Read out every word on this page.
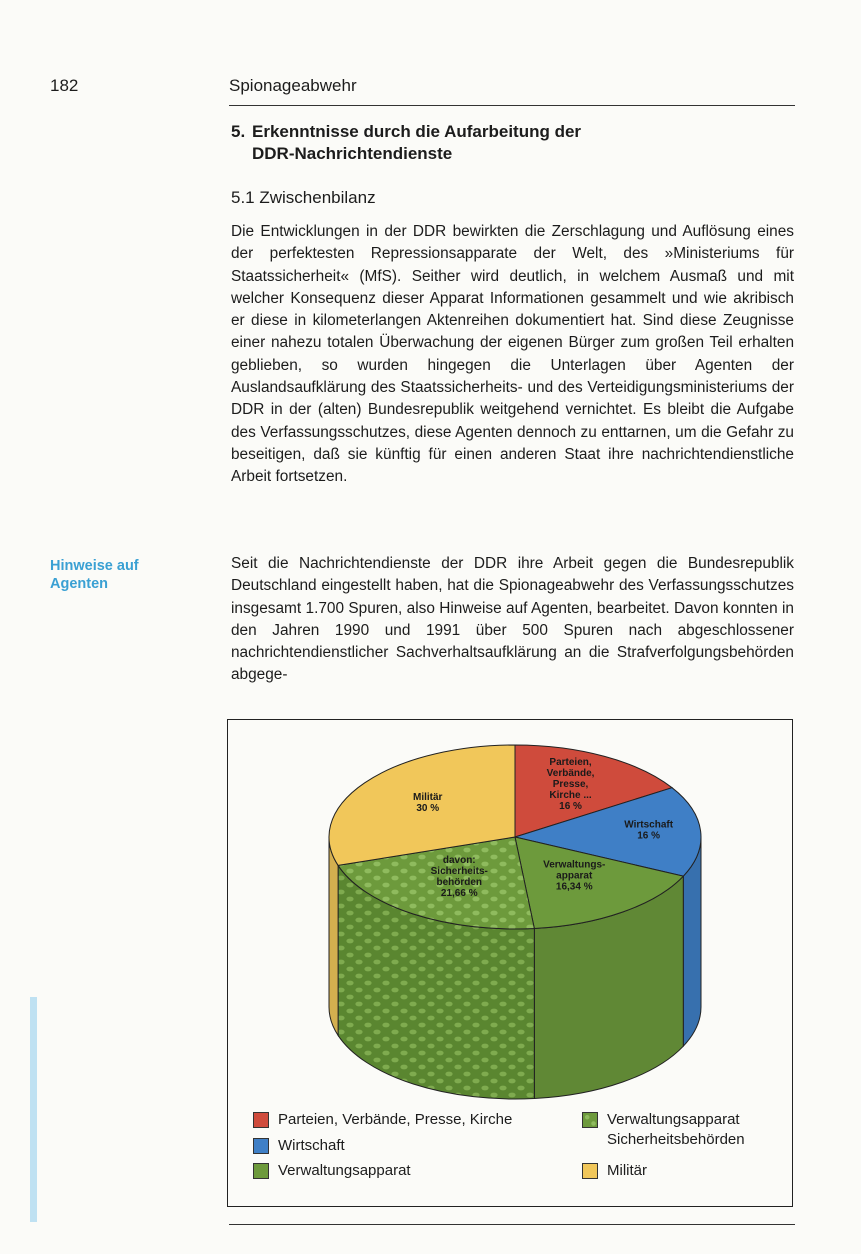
182	Spionageabwehr
5. Erkenntnisse durch die Aufarbeitung der
DDR-Nachrichtendienste
5.1 Zwischenbilanz

Die Entwicklungen in der DDR bewirkten die Zerschlagung und Auflösung eines der perfektesten Repressionsapparate der Welt, des »Ministeriums für Staatssicherheit« (MfS). Seither wird deutlich, in welchem Ausmaß und mit welcher Konsequenz dieser Apparat Informationen gesammelt und wie akribisch er diese in kilometerlangen Aktenreihen dokumentiert hat. Sind diese Zeugnisse einer nahezu totalen Überwachung der eigenen Bürger zum großen Teil erhalten geblieben, so wurden hingegen die Unterlagen über Agenten der Auslandsaufklärung des Staatssicherheits- und des Verteidigungsministeriums der DDR in der (alten) Bundesrepublik weitgehend vernichtet. Es bleibt die Aufgabe des Verfassungsschutzes, diese Agenten dennoch zu enttarnen, um die Gefahr zu beseitigen, daß sie künftig für einen anderen Staat ihre nachrichtendienstliche Arbeit fortsetzen.

Hinweise auf
Agenten

Seit die Nachrichtendienste der DDR ihre Arbeit gegen die Bundesrepublik Deutschland eingestellt haben, hat die Spionageabwehr des Verfassungsschutzes insgesamt 1.700 Spuren, also Hinweise auf Agenten, bearbeitet. Davon konnten in den Jahren 1990 und 1991 über 500 Spuren nach abgeschlossener nachrichtendienstlicher Sachverhaltsaufklärung an die Strafverfolgungsbehörden abgege-

Parteien, Verbände, Presse, Kirche ... 16 %
Wirtschaft 16 %
Verwaltungs-apparat 16,34 %
davon: Sicherheits-behörden 21,66 %
Militär 30 %
Parteien, Verbände, Presse, Kirche
Wirtschaft
Verwaltungsapparat
Verwaltungsapparat
Sicherheitsbehörden
Militär
